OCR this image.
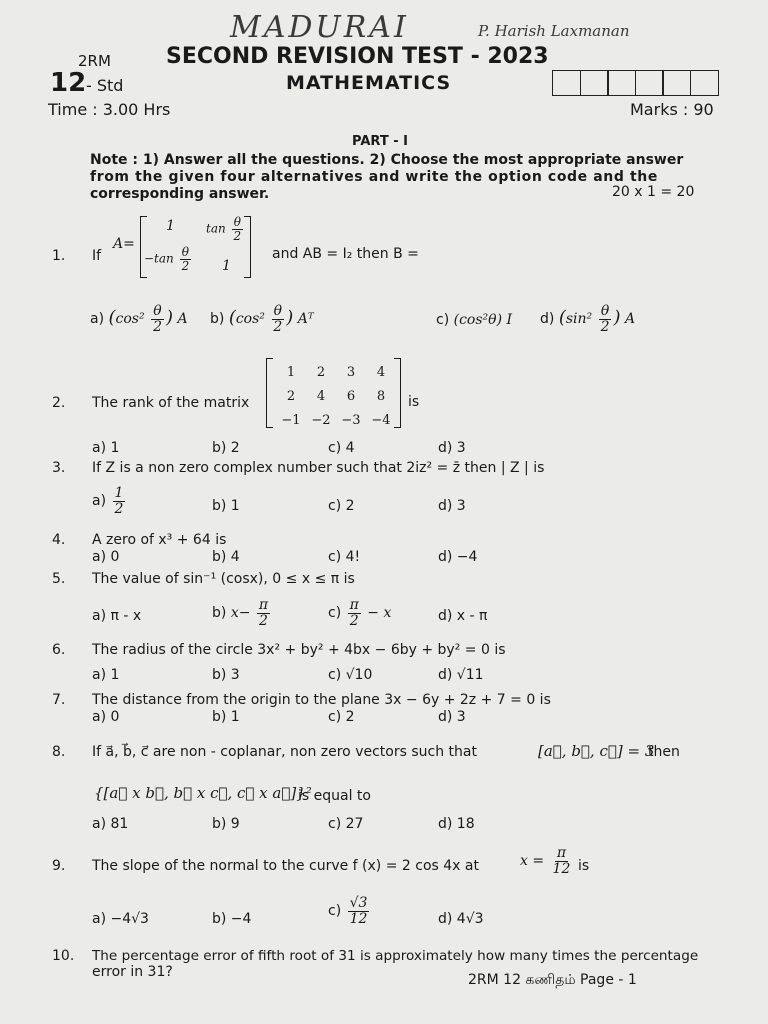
MADURAI	P. Harish Laxmanan
2RM	SECOND REVISION TEST - 2023
12 - Std	MATHEMATICS
Time : 3.00 Hrs	Marks : 90
PART - I
Note : 1) Answer all the questions. 2) Choose the most appropriate answer
from the given four alternatives and write the option code and the
corresponding answer.	20 x 1 = 20
1. If
A=
1	$\tan \frac{\theta}{2}$
$-\tan \frac{\theta}{2} 1$
and AB = I₂ then B =
a) ($\cos^2 \frac{\theta}{2}$ ) A b) ($\cos^2 \frac{\theta}{2}$ ) Aᵀ	c) (cos²θ) I d) ($\sin^2 \frac{\theta}{2}$ ) A
2. The rank of the matrix
1	2	3	4
2	4	6	8
−1	−2	−3	−4
is
a) 1	b) 2	c) 4	d) 3
3. If Z is a non zero complex number such that 2iz² = z̄ then | Z | is
$a) \frac{1}{2}$	b) 1	c) 2	d) 3
4. A zero of x³ + 64 is
a) 0	b) 4	c) 4!	d) −4
5. The value of sin⁻¹ (cosx), 0 ≤ x ≤ π is
a) π - x	b) $x- \frac{\pi}{2}$	$c) \frac{\pi}{2} - x$	d) x - π
6. The radius of the circle 3x² + by² + 4bx − 6by + by² = 0 is
a) 1	b) 3	c) √10	d) √11
7. The distance from the origin to the plane 3x − 6y + 2z + 7 = 0 is
a) 0	b) 1	c) 2	d) 3
8. If a⃗, b⃗, c⃗ are non - coplanar, non zero vectors such that	[a⃗, b⃗, c⃗] = 3
then
{[a⃗ x b⃗, b⃗ x c⃗, c⃗ x a⃗]}²
is equal to
a) 81	b) 9	c) 27	d) 18
9. The slope of the normal to the curve f (x) = 2 cos 4x at	$x = \frac{\pi}{12}$ is
a) −4√3	b) −4	$c) \frac{√3}{12}$	d) 4√3
10. The percentage error of fifth root of 31 is approximately how many times the percentage
error in 31?	2RM 12 கணிதம் Page - 1
